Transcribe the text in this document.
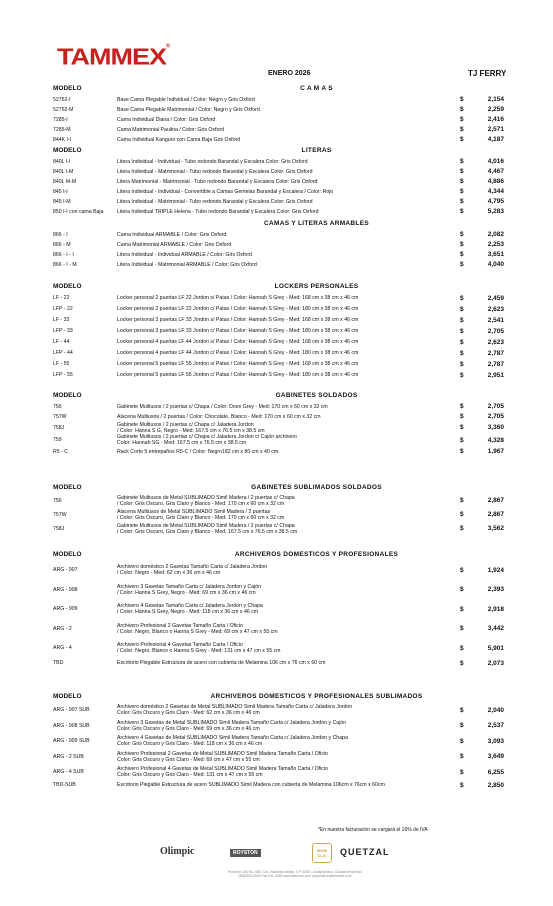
TAMMEX®
ENERO 2026	TJ FERRY
MODELO	C A M A S
52752-I	Base Cama Plegable Individual / Color: Negro y Gris Oxford	$	2,154
52752-M	Base Cama Plegable Matrimonial / Color: Negro y Gris Oxford	$	2,259
7285-I	Cama Individual Diana / Color: Gris Oxford	$	2,416
7285-M	Cama Matrimonial Paulina / Color: Gris Oxford	$	2,571
844K I-I	Cama Individual Kanguro con Cama Baja Gris Oxford	$	4,187
MODELO	LITERAS
840L I-I	Litera Individual - Individual - Tubo redondo Barandal y Escalera Color: Gris Oxford	$	4,016
840L I-M	Litera Individual - Matrimonial - Tubo redondo Barandal y Escalera Color: Gris Oxford	$	4,467
840L M-M	Litera Matrimonial - Matrimonial - Tubo redondo Barandal y Escalera Color: Gris Oxford	$	4,886
845 I-I	Litera Individual - Individual - Convertible a Camas Gemelas Barandal y Escalera / Color: Rojo	$	4,344
845 I-M	Litera Individual - Matrimonial - Tubo redondo Barandal y Escalera Color: Gris Oxford	$	4,795
850 I-I con cama Baja	Litera Individual TRIPLE Helena - Tubo redondo Barandal y Escalera Color: Gris Oxford	$	5,283
CAMAS Y LITERAS ARMABLES
866 - I	Cama Individual ARMABLE / Color: Gris Oxford	$	2,082
866 - M	Cama Matrimonial ARMABLE / Color: Gris Oxford	$	2,253
866 - I - I	Litera Individual - Individual ARMABLE / Color: Gris Oxford	$	3,651
866 - I - M	Litera Individual - Matrimonial ARMABLE / Color: Gris Oxford	$	4,040
MODELO	LOCKERS PERSONALES
LF - 22	Locker personal 2 puertas LF 22 Jordon s/ Patas / Color: Hannah S Grey - Med: 168 cm x 38 cm x 46 cm	$	2,459
LFP - 22	Locker personal 2 puertas LF 22 Jordon c/ Patas / Color: Hannah S Grey - Med: 180 cm x 38 cm x 46 cm	$	2,623
LF - 33	Locker personal 3 puertas LF 33 Jordon s/ Patas / Color: Hannah S Grey - Med: 168 cm x 38 cm x 46 cm	$	2,541
LFP - 33	Locker personal 3 puertas LF 33 Jordon c/ Patas / Color: Hannah S Grey - Med: 180 cm x 38 cm x 46 cm	$	2,705
LF - 44	Locker personal 4 puertas LF 44 Jordon s/ Patas / Color: Hannah S Grey - Med: 168 cm x 38 cm x 46 cm	$	2,623
LFP - 44	Locker personal 4 puertas LF 44 Jordon c/ Patas / Color: Hannah S Grey - Med: 180 cm x 38 cm x 46 cm	$	2,787
LF - 55	Locker personal 5 puertas LF 55 Jordon s/ Patas / Color: Hannah S Grey - Med: 168 cm x 38 cm x 46 cm	$	2,787
LFP - 55	Locker personal 5 puertas LF 55 Jordon c/ Patas / Color: Hannah S Grey - Med: 180 cm x 38 cm x 46 cm	$	2,951
MODELO	GABINETES SOLDADOS
756	Gabinete Multiusos / 2 puertas c/ Chapa / Color: Dove Grey - Med: 170 cm x 60 cm x 32 cm	$	2,705
757W	Alacena Multiusos / 2 puertas / Color: Chocolate, Blanco - Med: 170 cm x 60 cm x 32 cm	$	2,705
758J	Gabinete Multiusos / 2 puertas c/ Chapa c/ Jaladera Jordon
/ Color: Hanna S G, Negro - Med: 167.5 cm x 76.5 cm x 38.5 cm	$	3,360
759	Gabinete Multiusos / 2 puertas c/ Chapa c/ Jaladera Jordon c/ Cajón archivero
Color: Hannah SG - Med: 167.5 cm x 76.5 cm x 38.5 cm	$	4,328
R5 - C	Rack Corto 5 entrepaños R5-C / Color: Negro182 cm x 80 cm x 40 cm.	$	1,967
MODELO	GABINETES SUBLIMADOS SOLDADOS
756	Gabinete Multiusos de Metal SUBLIMADO Simil Madera / 2 puertas c/ Chapa
/ Color: Gris Oscuro, Gris Claro y Blanco - Med: 170 cm x 60 cm x 32 cm	$	2,867
757W	Alacena Multiusos de Metal SUBLIMADO Simil Madera / 2 puertas
/ Color: Gris Oscuro, Gris Claro y Blanco - Med: 170 cm x 60 cm x 32 cm	$	2,867
758J	Gabinete Multiusos de Metal SUBLIMADO Simil Madera / 2 puertas c/ Chapa
/ Color: Gris Oscuro, Gris Claro y Blanco - Med: 167.5 cm x 76.5 cm x 38.5 cm	$	3,562
MODELO	ARCHIVEROS DOMESTICOS Y PROFESIONALES
ARG - 907	Archivero doméstico 2 Gavetas Tamaño Carta c/ Jaladera Jordon
/ Color: Negro - Med: 62 cm x 36 cm x 46 cm	$	1,924
ARG - 908	Archivero 3 Gavetas Tamaño Carta c/ Jaladera Jordon y Cajón
/ Color: Hanna S Grey, Negro - Med: 69 cm x 36 cm x 46 cm	$	2,393
ARG - 909	Archivero 4 Gavetas Tamaño Carta c/ Jaladera Jordon y Chapa
/ Color: Hanna S Grey, Negro - Med: 118 cm x 36 cm x 46 cm	$	2,918
ARG - 2	Archivero Profesional 2 Gavetas Tamaño Carta / Oficio
/ Color: Negro, Blanco o Hanna S Grey - Med: 69 cm x 47 cm x 55 cm	$	3,442
ARG - 4	Archivero Profesional 4 Gavetas Tamaño Carta / Oficio
/ Color: Negro, Blanco o Hanna S Grey - Med: 131 cm x 47 cm x 55 cm	$	5,901
TBD	Escritorio Plegable Estructura de acero con cubierta de Melamina 106 cm x 76 cm x 60 cm	$	2,073
MODELO	ARCHIVEROS DOMESTICOS Y PROFESIONALES SUBLIMADOS
ARG - 907 SUB	Archivero doméstico 2 Gavetas de Metal SUBLIMADO Simil Madera Tamaño Carta c/ Jaladera Jordon
Color: Gris Oscuro y Gris Claro - Med: 62 cm x 36 cm x 46 cm	$	2,040
ARG - 908 SUB	Archivero 3 Gavetas de Metal SUBLIMADO Simil Madera Tamaño Carta c/ Jaladera Jordon y Cajón
Color: Gris Oscuro y Gris Claro - Med: 69 cm x 36 cm x 46 cm	$	2,537
ARG - 909 SUB	Archivero 4 Gavetas de Metal SUBLIMADO Simil Madera Tamaño Carta c/ Jaladera Jordon y Chapa
Color: Gris Oscuro y Gris Claro - Med: 118 cm x 36 cm x 46 cm	$	3,093
ARG - 2 SUB	Archivero Profesional 2 Gavetas de Metal SUBLIMADO Simil Madera Tamaño Carta / Oficio
Color: Gris Oscuro y Gris Claro - Med: 69 cm x 47 cm x 55 cm	$	3,649
ARG - 4 SUB	Archivero Profesional 4 Gavetas de Metal SUBLIMADO Simil Madera Tamaño Carta / Oficio
Color: Gris Oscuro y Gris Claro - Med: 131 cm x 47 cm x 55 cm	$	6,255
TBD-SUB	Escritorio Plegable Estructura de acero SUBLIMADO Simil Madera con cubierta de Melamina 106cm x 76cm x 60cm	$	2,850
*En nuestra facturación se cargará el 16% de IVA
Olimpic	ROYSTON	MOBI CLIC	QUETZAL
Poniente 134 No. 583, Col. Industrial Vallejo, CP 02300, Azcapotzalco, Ciudad de México
(55)5323-0000 Fax Ext. 3080 www.tammex.com corporativo@tammex.com
